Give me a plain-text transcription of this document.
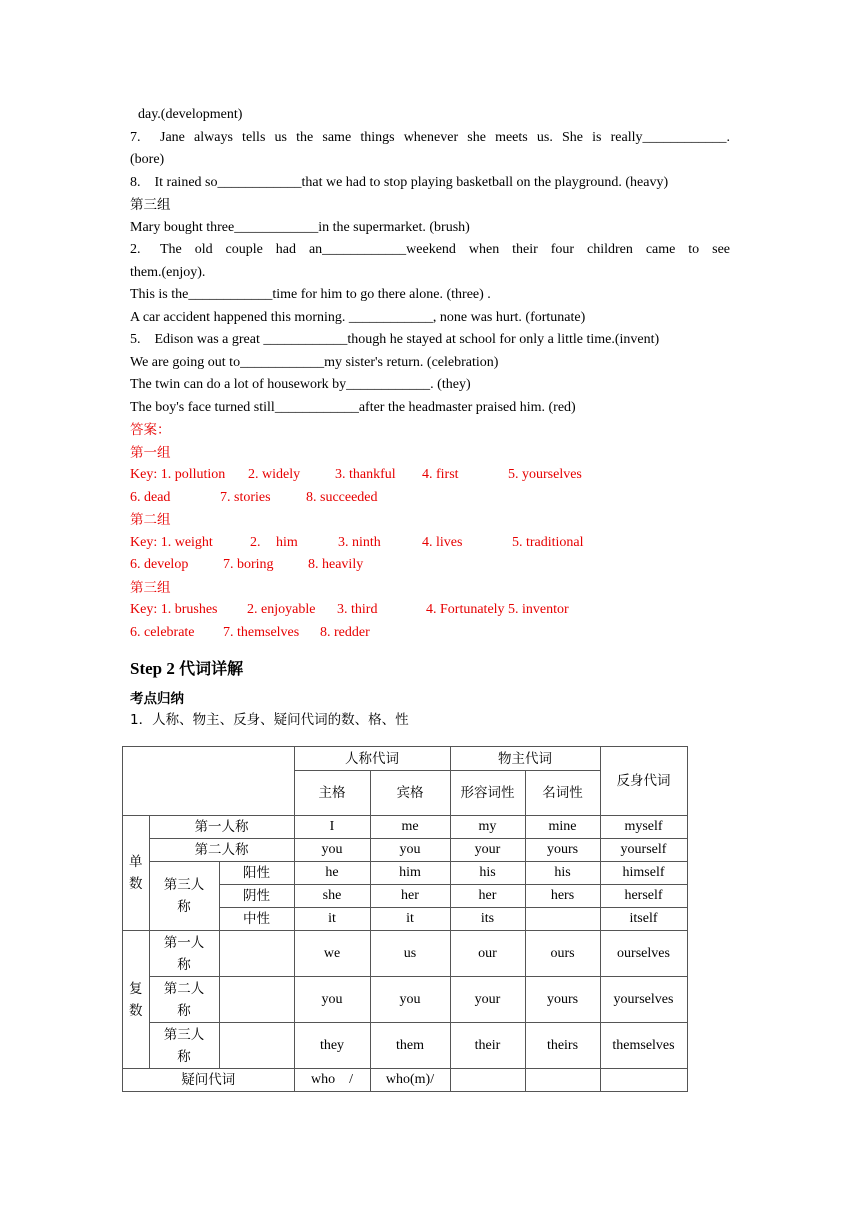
day.(development)
7.	Jane always tells us the same things whenever she meets us. She is really____________.
(bore)
8.    It rained so____________that we had to stop playing basketball on the playground. (heavy)
第三组
Mary bought three____________in the supermarket. (brush)
2.	The old couple had an____________weekend when their four children came to see
them.(enjoy).
This is the____________time for him to go there alone. (three) .
A car accident happened this morning. ____________, none was hurt. (fortunate)
5.    Edison was a great ____________though he stayed at school for only a little time.(invent)
We are going out to____________my sister's return. (celebration)
The twin can do a lot of housework by____________. (they)
The boy's face turned still____________after the headmaster praised him. (red)
答案：
第一组
Key: 1. pollution 2. widely 3. thankful 4. first	5. yourselves
6. dead	7. stories	8. succeeded
第二组
Key: 1. weight	2. him	3. ninth	4. lives	5. traditional
6. develop 7. boring 8. heavily
第三组
Key: 1. brushes 2. enjoyable 3. third	4. Fortunately 5. inventor
6. celebrate 7. themselves 8. redder
Step 2 代词详解
考点归纳
1．人称、物主、反身、疑问代词的数、格、性
			人称代词		物主代词		反身代词
			主格	宾格	形容词性	名词性	
单数	第一人称		I	me	my	mine	myself
	第二人称		you	you	your	yours	yourself
	第三人称	阳性	he	him	his	his	himself
		阴性	she	her	her	hers	herself
		中性	it	it	its		itself
复数	第一人称		we	us	our	ours	ourselves
	第二人称		you	you	your	yours	yourselves
	第三人称		they	them	their	theirs	themselves
疑问代词			who    /	who(m)/			
